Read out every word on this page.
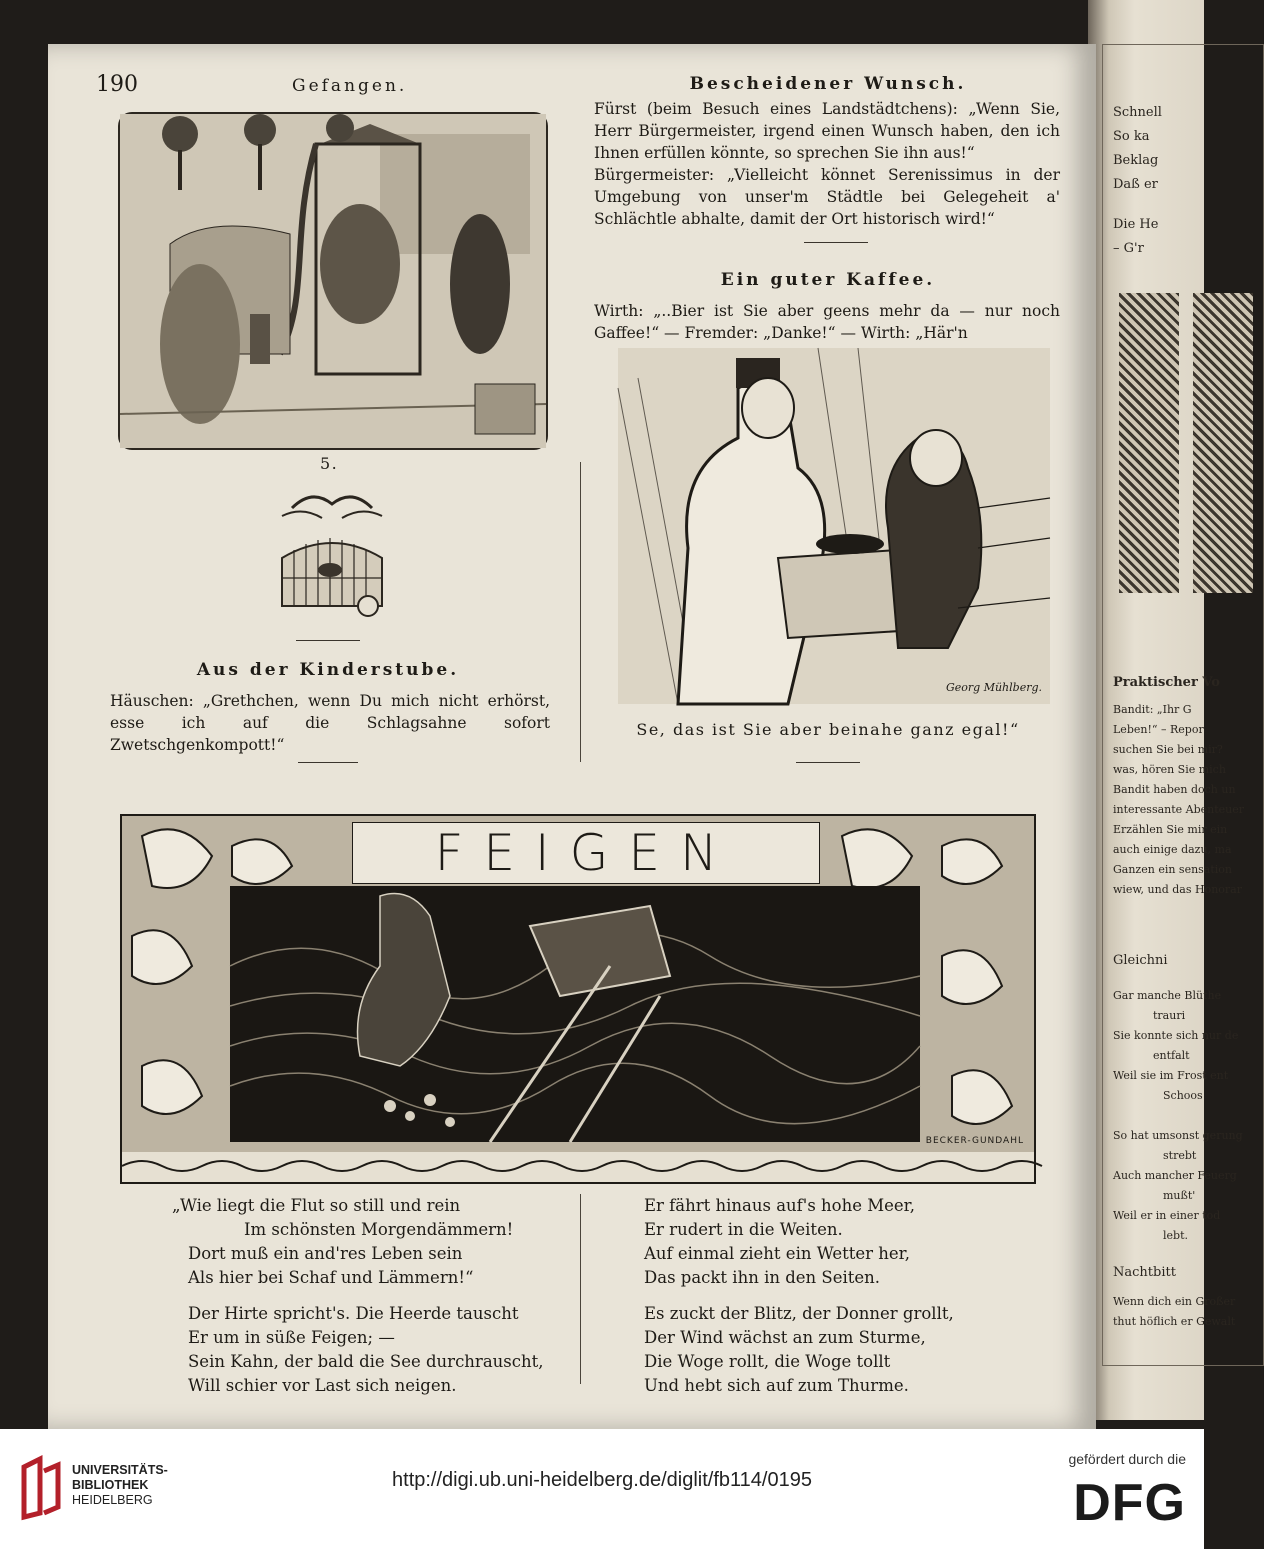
Schnell
So ka
Beklag
Daß er
Die He
– G'r
Praktischer Vo
Bandit: „Ihr G
Leben!“ – Repor
suchen Sie bei mir?
was, hören Sie mich
Bandit haben doch un
interessante Abenteuer
Erzählen Sie mir ein
auch einige dazu, ma
Ganzen ein sensation
wiew, und das Honorar
Gleichni
Gar manche Blüthe
trauri
Sie konnte sich nur de
entfalt
Weil sie im Frost ent
Schoos
So hat umsonst gerung
strebt
Auch mancher Feuerg
mußt'
Weil er in einer tod
lebt.
Nachtbitt
Wenn dich ein Großer
thut höflich er Gewalt
190	Gefangen.	Bescheidener Wunsch.
5.
Aus der Kinderstube.
Häuschen: „Grethchen, wenn Du mich nicht erhörst, esse ich auf die Schlagsahne sofort Zwetschgenkompott!“
Fürst (beim Besuch eines Landstädtchens): „Wenn Sie, Herr Bürgermeister, irgend einen Wunsch haben, den ich Ihnen erfüllen könnte, so sprechen Sie ihn aus!“
Bürgermeister: „Vielleicht könnet Serenissimus in der Umgebung von unser'm Städtle bei Gelegeheit a' Schlächtle abhalte, damit der Ort historisch wird!“
Ein guter Kaffee.
Wirth: „..Bier ist Sie aber geens mehr da — nur noch Gaffee!“ — Fremder: „Danke!“ — Wirth: „Här'n
Georg Mühlberg.
Se, das ist Sie aber beinahe ganz egal!“
FEIGEN
BECKER-GUNDAHL
„Wie liegt die Flut so still und rein
Im schönsten Morgendämmern!
Dort muß ein and'res Leben sein
Als hier bei Schaf und Lämmern!“
Der Hirte spricht's. Die Heerde tauscht
Er um in süße Feigen; —
Sein Kahn, der bald die See durchrauscht,
Will schier vor Last sich neigen.
Er fährt hinaus auf's hohe Meer,
Er rudert in die Weiten.
Auf einmal zieht ein Wetter her,
Das packt ihn in den Seiten.
Es zuckt der Blitz, der Donner grollt,
Der Wind wächst an zum Sturme,
Die Woge rollt, die Woge tollt
Und hebt sich auf zum Thurme.
UNIVERSITÄTS-
BIBLIOTHEK
HEIDELBERG
http://digi.ub.uni-heidelberg.de/diglit/fb114/0195
gefördert durch die
DFG
